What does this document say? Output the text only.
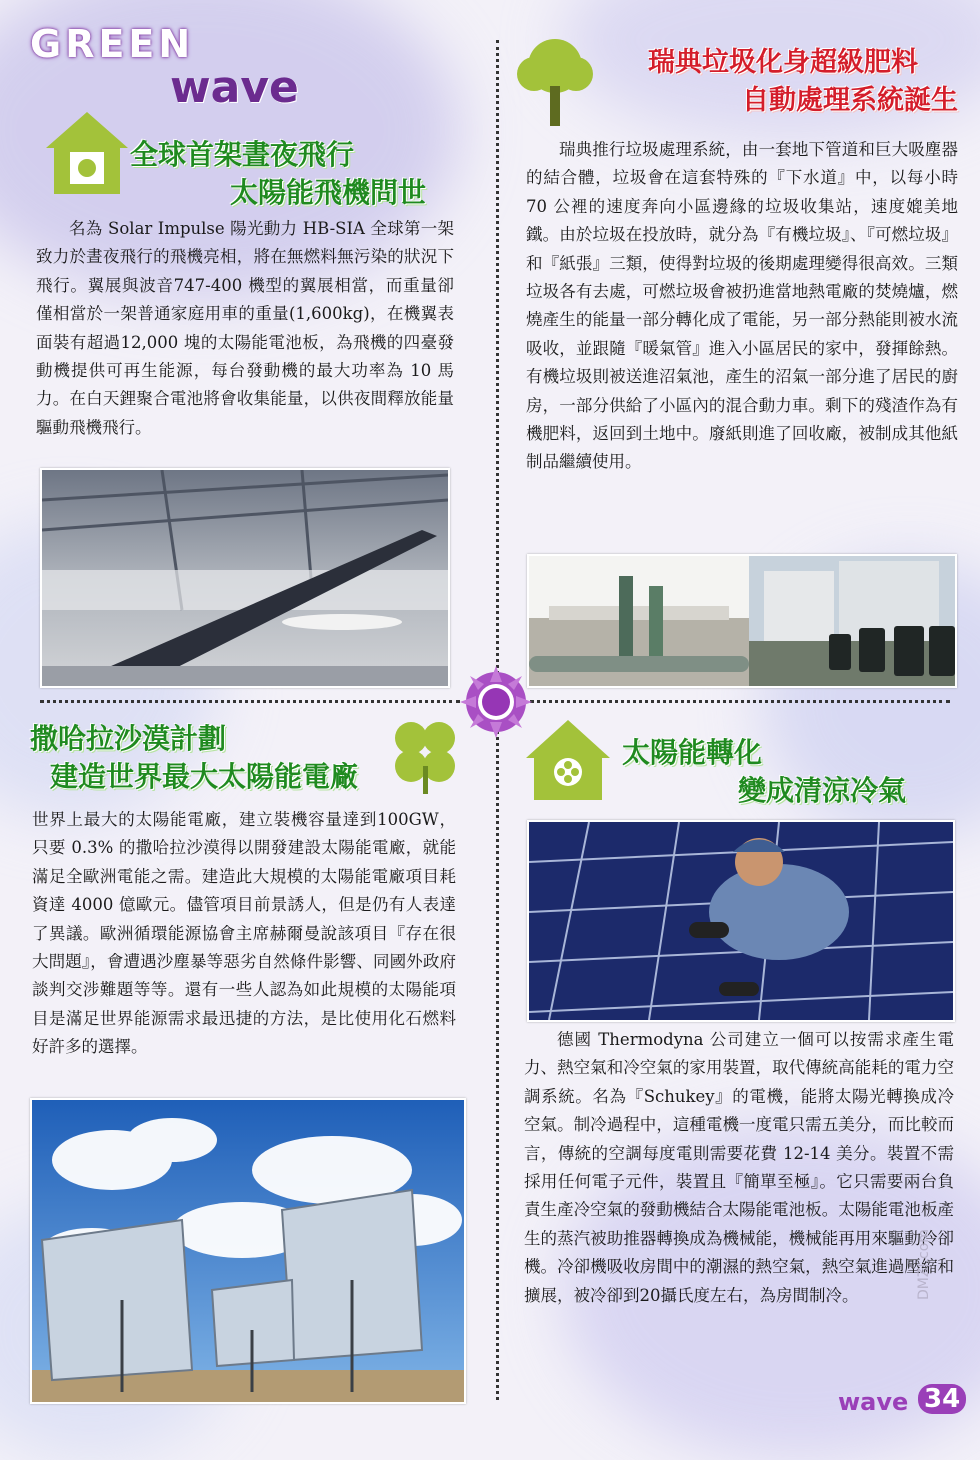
GREEN
wave
全球首架晝夜飛行
太陽能飛機問世

名為 Solar Impulse 陽光動力 HB-SIA 全球第一架致力於晝夜飛行的飛機亮相，將在無燃料無污染的狀況下飛行。翼展與波音747-400 機型的翼展相當，而重量卻僅相當於一架普通家庭用車的重量(1,600kg)，在機翼表面裝有超過12,000 塊的太陽能電池板，為飛機的四臺發動機提供可再生能源，每台發動機的最大功率為 10 馬力。在白天鋰聚合電池將會收集能量，以供夜間釋放能量驅動飛機飛行。

瑞典垃圾化身超級肥料
自動處理系統誕生

瑞典推行垃圾處理系統，由一套地下管道和巨大吸塵器的結合體，垃圾會在這套特殊的『下水道』中，以每小時 70 公裡的速度奔向小區邊緣的垃圾收集站，速度媲美地鐵。由於垃圾在投放時，就分為『有機垃圾』、『可燃垃圾』和『紙張』三類，使得對垃圾的後期處理變得很高效。三類垃圾各有去處，可燃垃圾會被扔進當地熱電廠的焚燒爐，燃燒產生的能量一部分轉化成了電能，另一部分熱能則被水流吸收，並跟隨『暖氣管』進入小區居民的家中，發揮餘熱。有機垃圾則被送進沼氣池，產生的沼氣一部分進了居民的廚房，一部分供給了小區內的混合動力車。剩下的殘渣作為有機肥料，返回到土地中。廢紙則進了回收廠，被制成其他紙制品繼續使用。

撒哈拉沙漠計劃
建造世界最大太陽能電廠

世界上最大的太陽能電廠，建立裝機容量達到100GW，只要 0.3% 的撒哈拉沙漠得以開發建設太陽能電廠，就能滿足全歐洲電能之需。建造此大規模的太陽能電廠項目耗資達 4000 億歐元。儘管項目前景誘人，但是仍有人表達了異議。歐洲循環能源協會主席赫爾曼說該項目『存在很大問題』，會遭遇沙塵暴等惡劣自然條件影響、同國外政府談判交涉難題等等。還有一些人認為如此規模的太陽能項目是滿足世界能源需求最迅捷的方法，是比使用化石燃料好許多的選擇。

太陽能轉化
變成清涼冷氣

德國 Thermodyna 公司建立一個可以按需求產生電力、熱空氣和冷空氣的家用裝置，取代傳統高能耗的電力空調系統。名為『Schukey』的電機，能將太陽光轉換成冷空氣。制冷過程中，這種電機一度電只需五美分，而比較而言，傳統的空調每度電則需要花費 12-14 美分。裝置不需採用任何電子元件，裝置且『簡單至極』。它只需要兩台負責生產冷空氣的發動機結合太陽能電池板。太陽能電池板產生的蒸汽被助推器轉換成為機械能，機械能再用來驅動冷卻機。冷卻機吸收房間中的潮濕的熱空氣，熱空氣進過壓縮和擴展，被冷卻到20攝氏度左右，為房間制冷。

wave 34
DMZJ.com
